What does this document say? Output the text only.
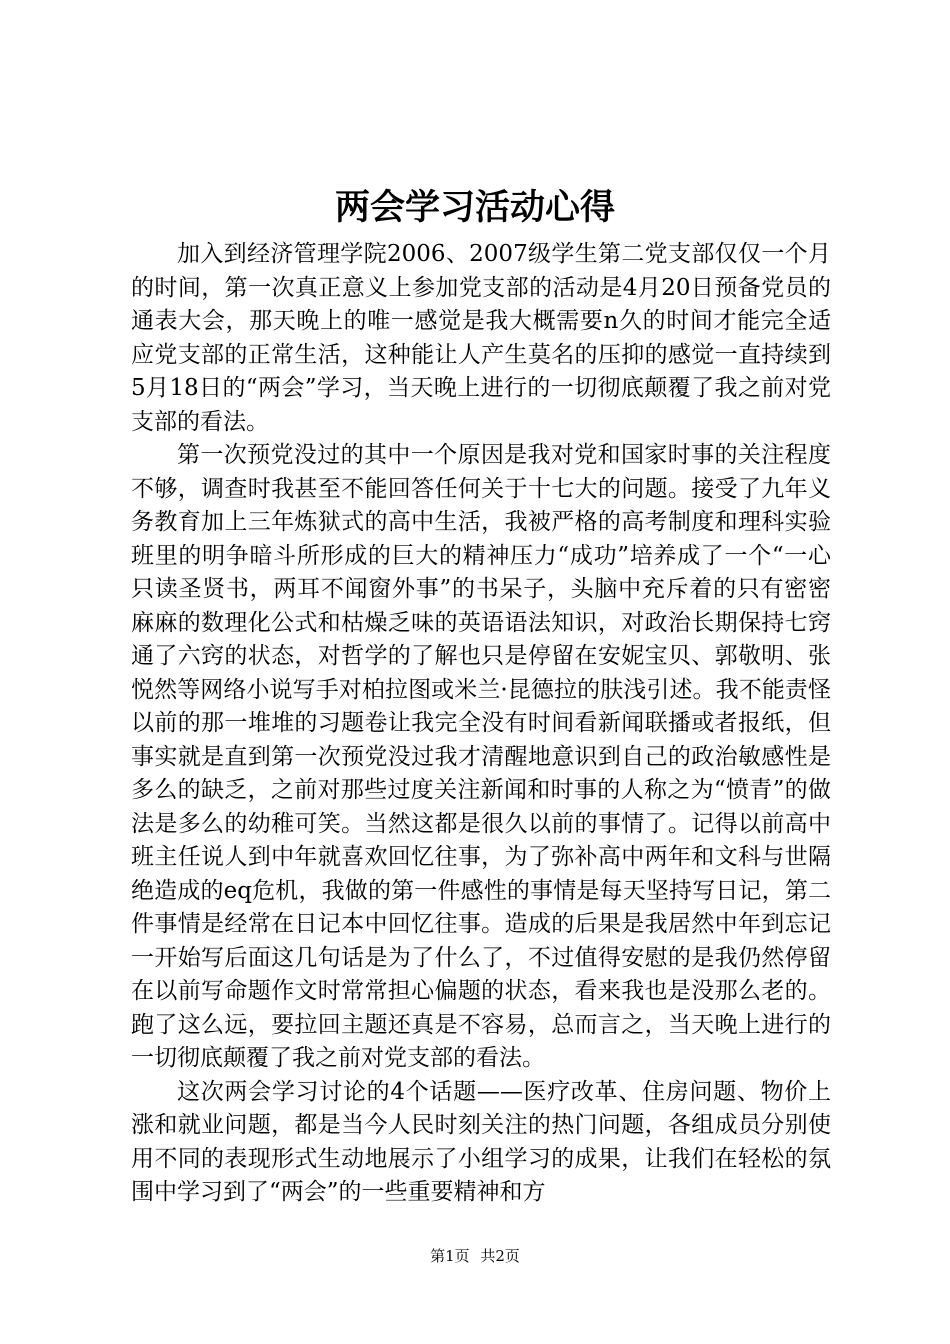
两会学习活动心得

加入到经济管理学院2006、2007级学生第二党支部仅仅一个月的时间，第一次真正意义上参加党支部的活动是4月20日预备党员的通表大会，那天晚上的唯一感觉是我大概需要n久的时间才能完全适应党支部的正常生活，这种能让人产生莫名的压抑的感觉一直持续到5月18日的“两会”学习，当天晚上进行的一切彻底颠覆了我之前对党支部的看法。

第一次预党没过的其中一个原因是我对党和国家时事的关注程度不够，调查时我甚至不能回答任何关于十七大的问题。接受了九年义务教育加上三年炼狱式的高中生活，我被严格的高考制度和理科实验班里的明争暗斗所形成的巨大的精神压力“成功”培养成了一个“一心只读圣贤书，两耳不闻窗外事”的书呆子，头脑中充斥着的只有密密麻麻的数理化公式和枯燥乏味的英语语法知识，对政治长期保持七窍通了六窍的状态，对哲学的了解也只是停留在安妮宝贝、郭敬明、张悦然等网络小说写手对柏拉图或米兰·昆德拉的肤浅引述。我不能责怪以前的那一堆堆的习题卷让我完全没有时间看新闻联播或者报纸，但事实就是直到第一次预党没过我才清醒地意识到自己的政治敏感性是多么的缺乏，之前对那些过度关注新闻和时事的人称之为“愤青”的做法是多么的幼稚可笑。当然这都是很久以前的事情了。记得以前高中班主任说人到中年就喜欢回忆往事，为了弥补高中两年和文科与世隔绝造成的eq危机，我做的第一件感性的事情是每天坚持写日记，第二件事情是经常在日记本中回忆往事。造成的后果是我居然中年到忘记一开始写后面这几句话是为了什么了，不过值得安慰的是我仍然停留在以前写命题作文时常常担心偏题的状态，看来我也是没那么老的。跑了这么远，要拉回主题还真是不容易，总而言之，当天晚上进行的一切彻底颠覆了我之前对党支部的看法。

这次两会学习讨论的4个话题——医疗改革、住房问题、物价上涨和就业问题，都是当今人民时刻关注的热门问题，各组成员分别使用不同的表现形式生动地展示了小组学习的成果，让我们在轻松的氛围中学习到了“两会”的一些重要精神和方

第1页 共2页
